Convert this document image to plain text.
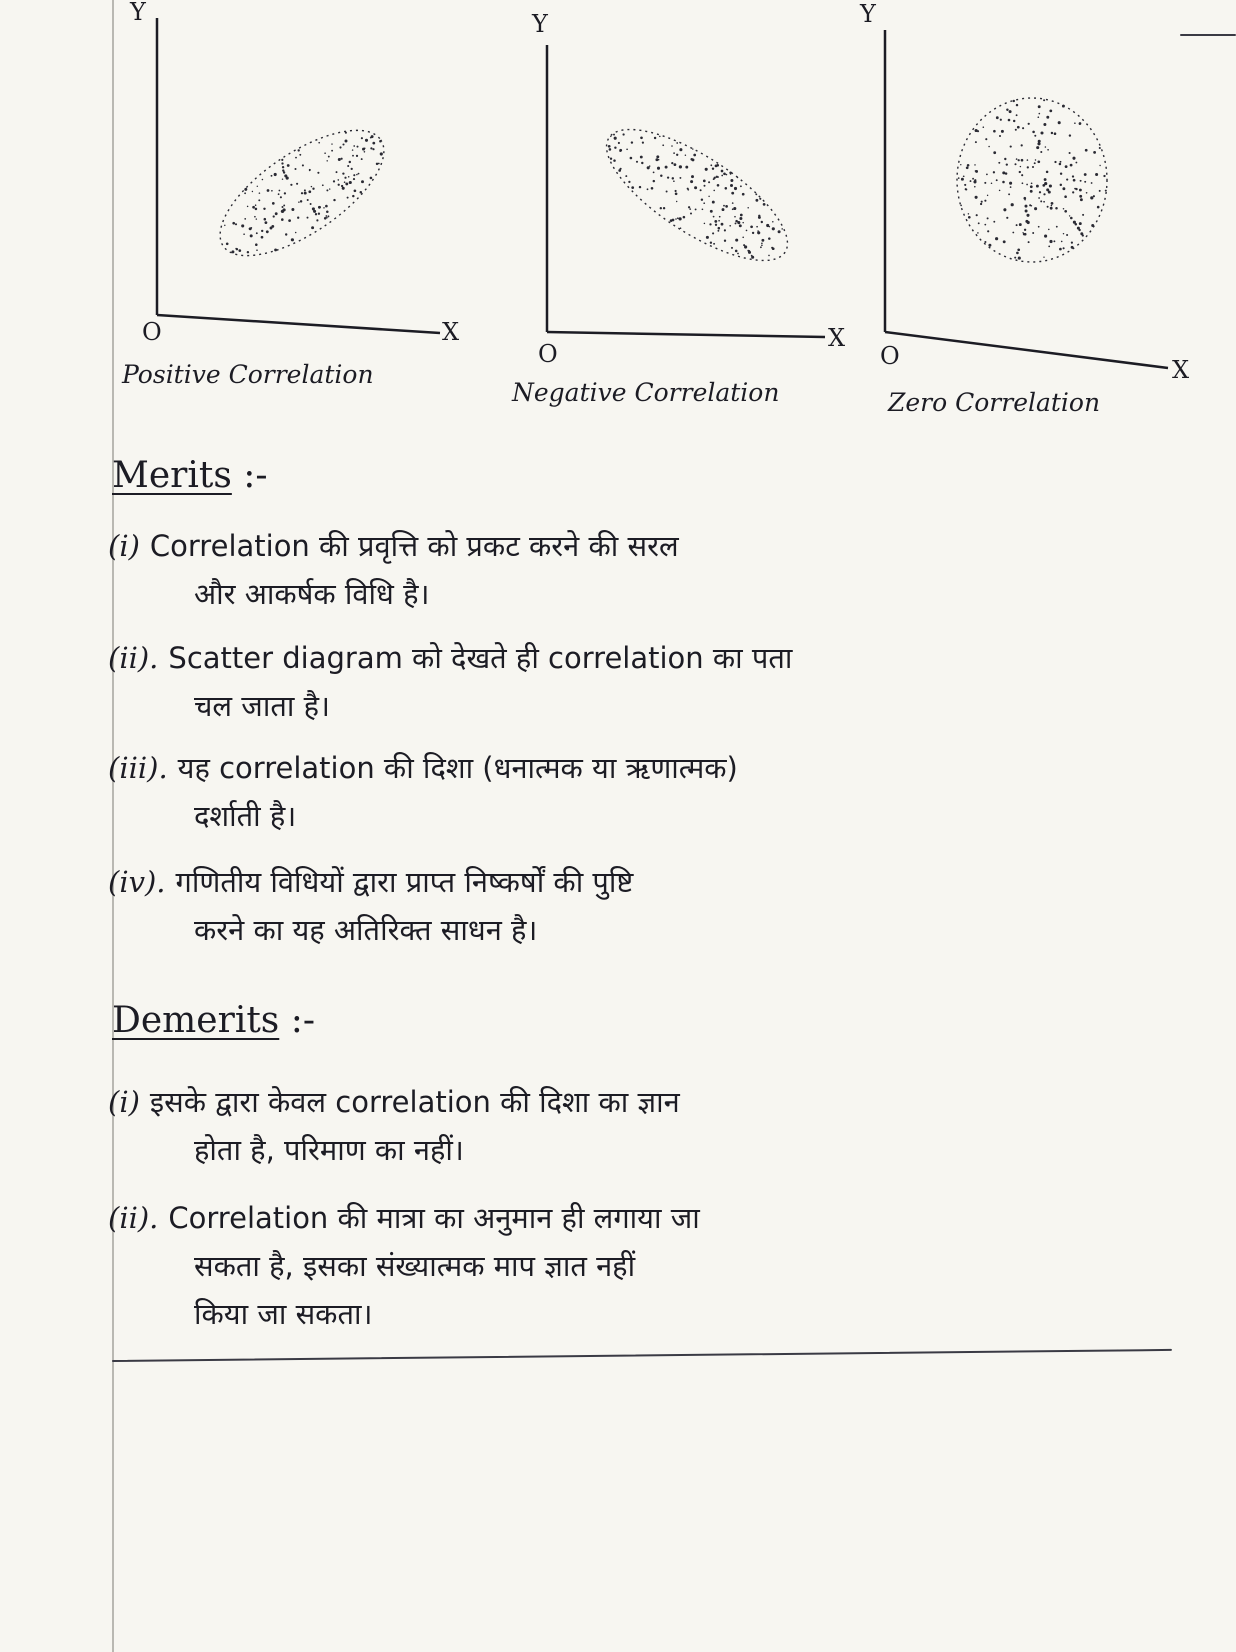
Y
X
O
Y
X
O
Y
X
O
Positive Correlation
Negative Correlation	Zero Correlation
Merits :-
(i) Correlation की प्रवृत्ति को प्रकट करने की सरल
और आकर्षक विधि है।
(ii). Scatter diagram को देखते ही correlation का पता
चल जाता है।
(iii). यह correlation की दिशा (धनात्मक या ऋणात्मक)
दर्शाती है।
(iv). गणितीय विधियों द्वारा प्राप्त निष्कर्षों की पुष्टि
करने का यह अतिरिक्त साधन है।
Demerits :-
(i) इसके द्वारा केवल correlation की दिशा का ज्ञान
होता है, परिमाण का नहीं।
(ii). Correlation की मात्रा का अनुमान ही लगाया जा
सकता है, इसका संख्यात्मक माप ज्ञात नहीं
किया जा सकता।
